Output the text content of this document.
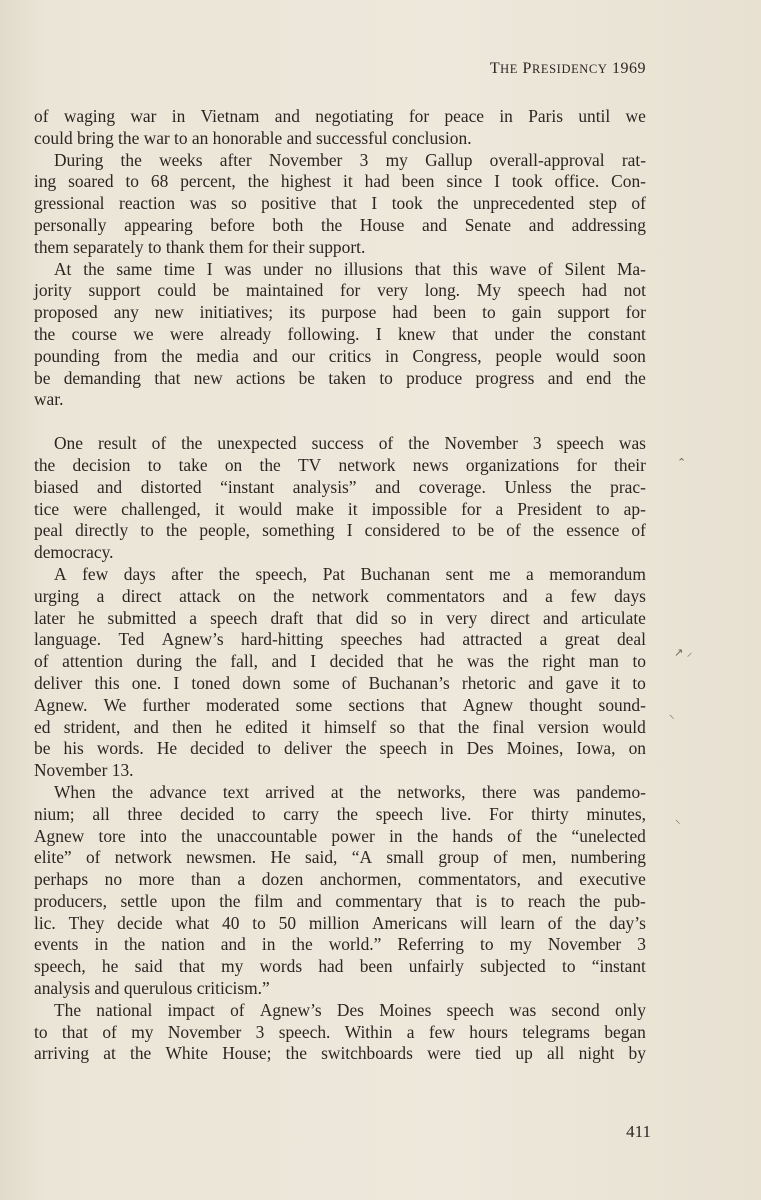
THE PRESIDENCY 1969
of waging war in Vietnam and negotiating for peace in Paris until we
could bring the war to an honorable and successful conclusion.
During the weeks after November 3 my Gallup overall-approval rat-
ing soared to 68 percent, the highest it had been since I took office. Con-
gressional reaction was so positive that I took the unprecedented step of
personally appearing before both the House and Senate and addressing
them separately to thank them for their support.
At the same time I was under no illusions that this wave of Silent Ma-
jority support could be maintained for very long. My speech had not
proposed any new initiatives; its purpose had been to gain support for
the course we were already following. I knew that under the constant
pounding from the media and our critics in Congress, people would soon
be demanding that new actions be taken to produce progress and end the
war.
One result of the unexpected success of the November 3 speech was
the decision to take on the TV network news organizations for their
biased and distorted “instant analysis” and coverage. Unless the prac-
tice were challenged, it would make it impossible for a President to ap-
peal directly to the people, something I considered to be of the essence of
democracy.
A few days after the speech, Pat Buchanan sent me a memorandum
urging a direct attack on the network commentators and a few days
later he submitted a speech draft that did so in very direct and articulate
language. Ted Agnew’s hard-hitting speeches had attracted a great deal
of attention during the fall, and I decided that he was the right man to
deliver this one. I toned down some of Buchanan’s rhetoric and gave it to
Agnew. We further moderated some sections that Agnew thought sound-
ed strident, and then he edited it himself so that the final version would
be his words. He decided to deliver the speech in Des Moines, Iowa, on
November 13.
When the advance text arrived at the networks, there was pandemo-
nium; all three decided to carry the speech live. For thirty minutes,
Agnew tore into the unaccountable power in the hands of the “unelected
elite” of network newsmen. He said, “A small group of men, numbering
perhaps no more than a dozen anchormen, commentators, and executive
producers, settle upon the film and commentary that is to reach the pub-
lic. They decide what 40 to 50 million Americans will learn of the day’s
events in the nation and in the world.” Referring to my November 3
speech, he said that my words had been unfairly subjected to “instant
analysis and querulous criticism.”
The national impact of Agnew’s Des Moines speech was second only
to that of my November 3 speech. Within a few hours telegrams began
arriving at the White House; the switchboards were tied up all night by
⌃
↗ ⸝
⸜
⸜
411
